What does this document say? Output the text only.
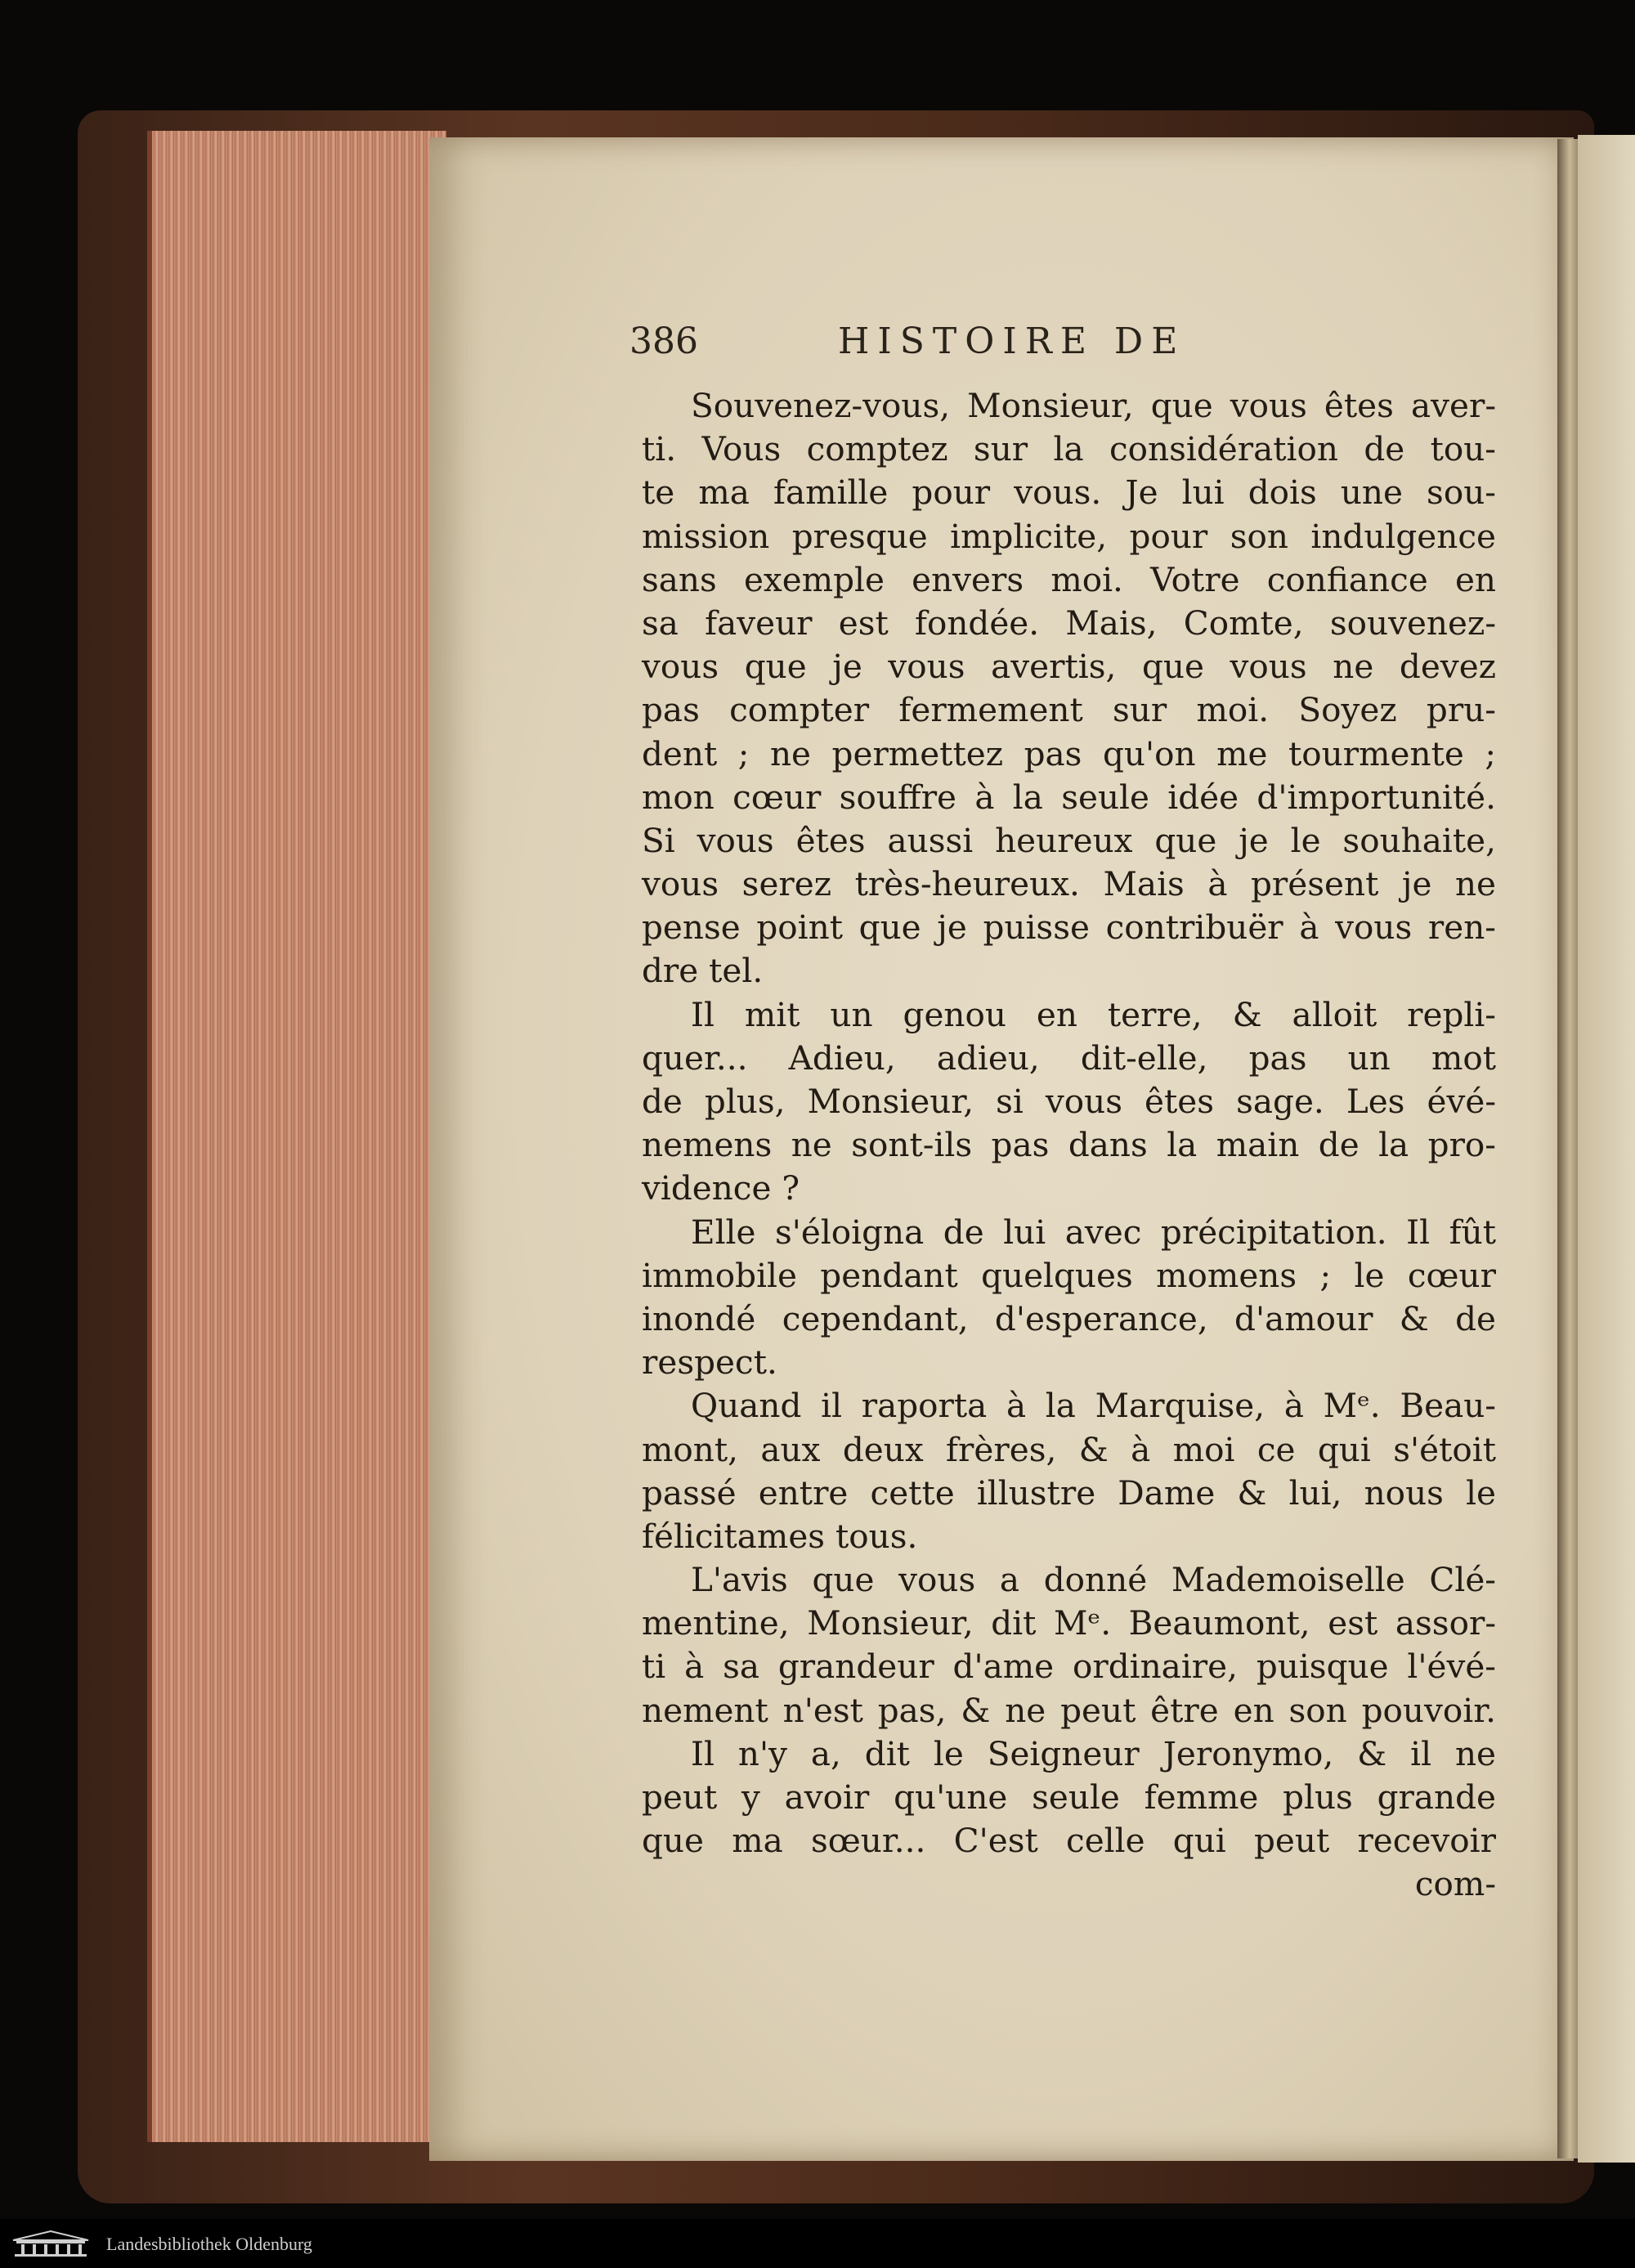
386	HISTOIRE DE
Souvenez-vous, Monsieur, que vous êtes aver-
ti. Vous comptez sur la considération de tou-
te ma famille pour vous. Je lui dois une sou-
mission presque implicite, pour son indulgence
sans exemple envers moi. Votre confiance en
sa faveur est fondée. Mais, Comte, souvenez-
vous que je vous avertis, que vous ne devez
pas compter fermement sur moi. Soyez pru-
dent ; ne permettez pas qu'on me tourmente ;
mon cœur souffre à la seule idée d'importunité.
Si vous êtes aussi heureux que je le souhaite,
vous serez très-heureux. Mais à présent je ne
pense point que je puisse contribuër à vous ren-
dre tel.
Il mit un genou en terre, & alloit repli-
quer... Adieu, adieu, dit-elle, pas un mot
de plus, Monsieur, si vous êtes sage. Les évé-
nemens ne sont-ils pas dans la main de la pro-
vidence ?
Elle s'éloigna de lui avec précipitation. Il fût
immobile pendant quelques momens ; le cœur
inondé cependant, d'esperance, d'amour & de
respect.
Quand il raporta à la Marquise, à Mᵉ. Beau-
mont, aux deux frères, & à moi ce qui s'étoit
passé entre cette illustre Dame & lui, nous le
félicitames tous.
L'avis que vous a donné Mademoiselle Clé-
mentine, Monsieur, dit Mᵉ. Beaumont, est assor-
ti à sa grandeur d'ame ordinaire, puisque l'évé-
nement n'est pas, & ne peut être en son pouvoir.
Il n'y a, dit le Seigneur Jeronymo, & il ne
peut y avoir qu'une seule femme plus grande
que ma sœur... C'est celle qui peut recevoir
com-
Landesbibliothek Oldenburg
